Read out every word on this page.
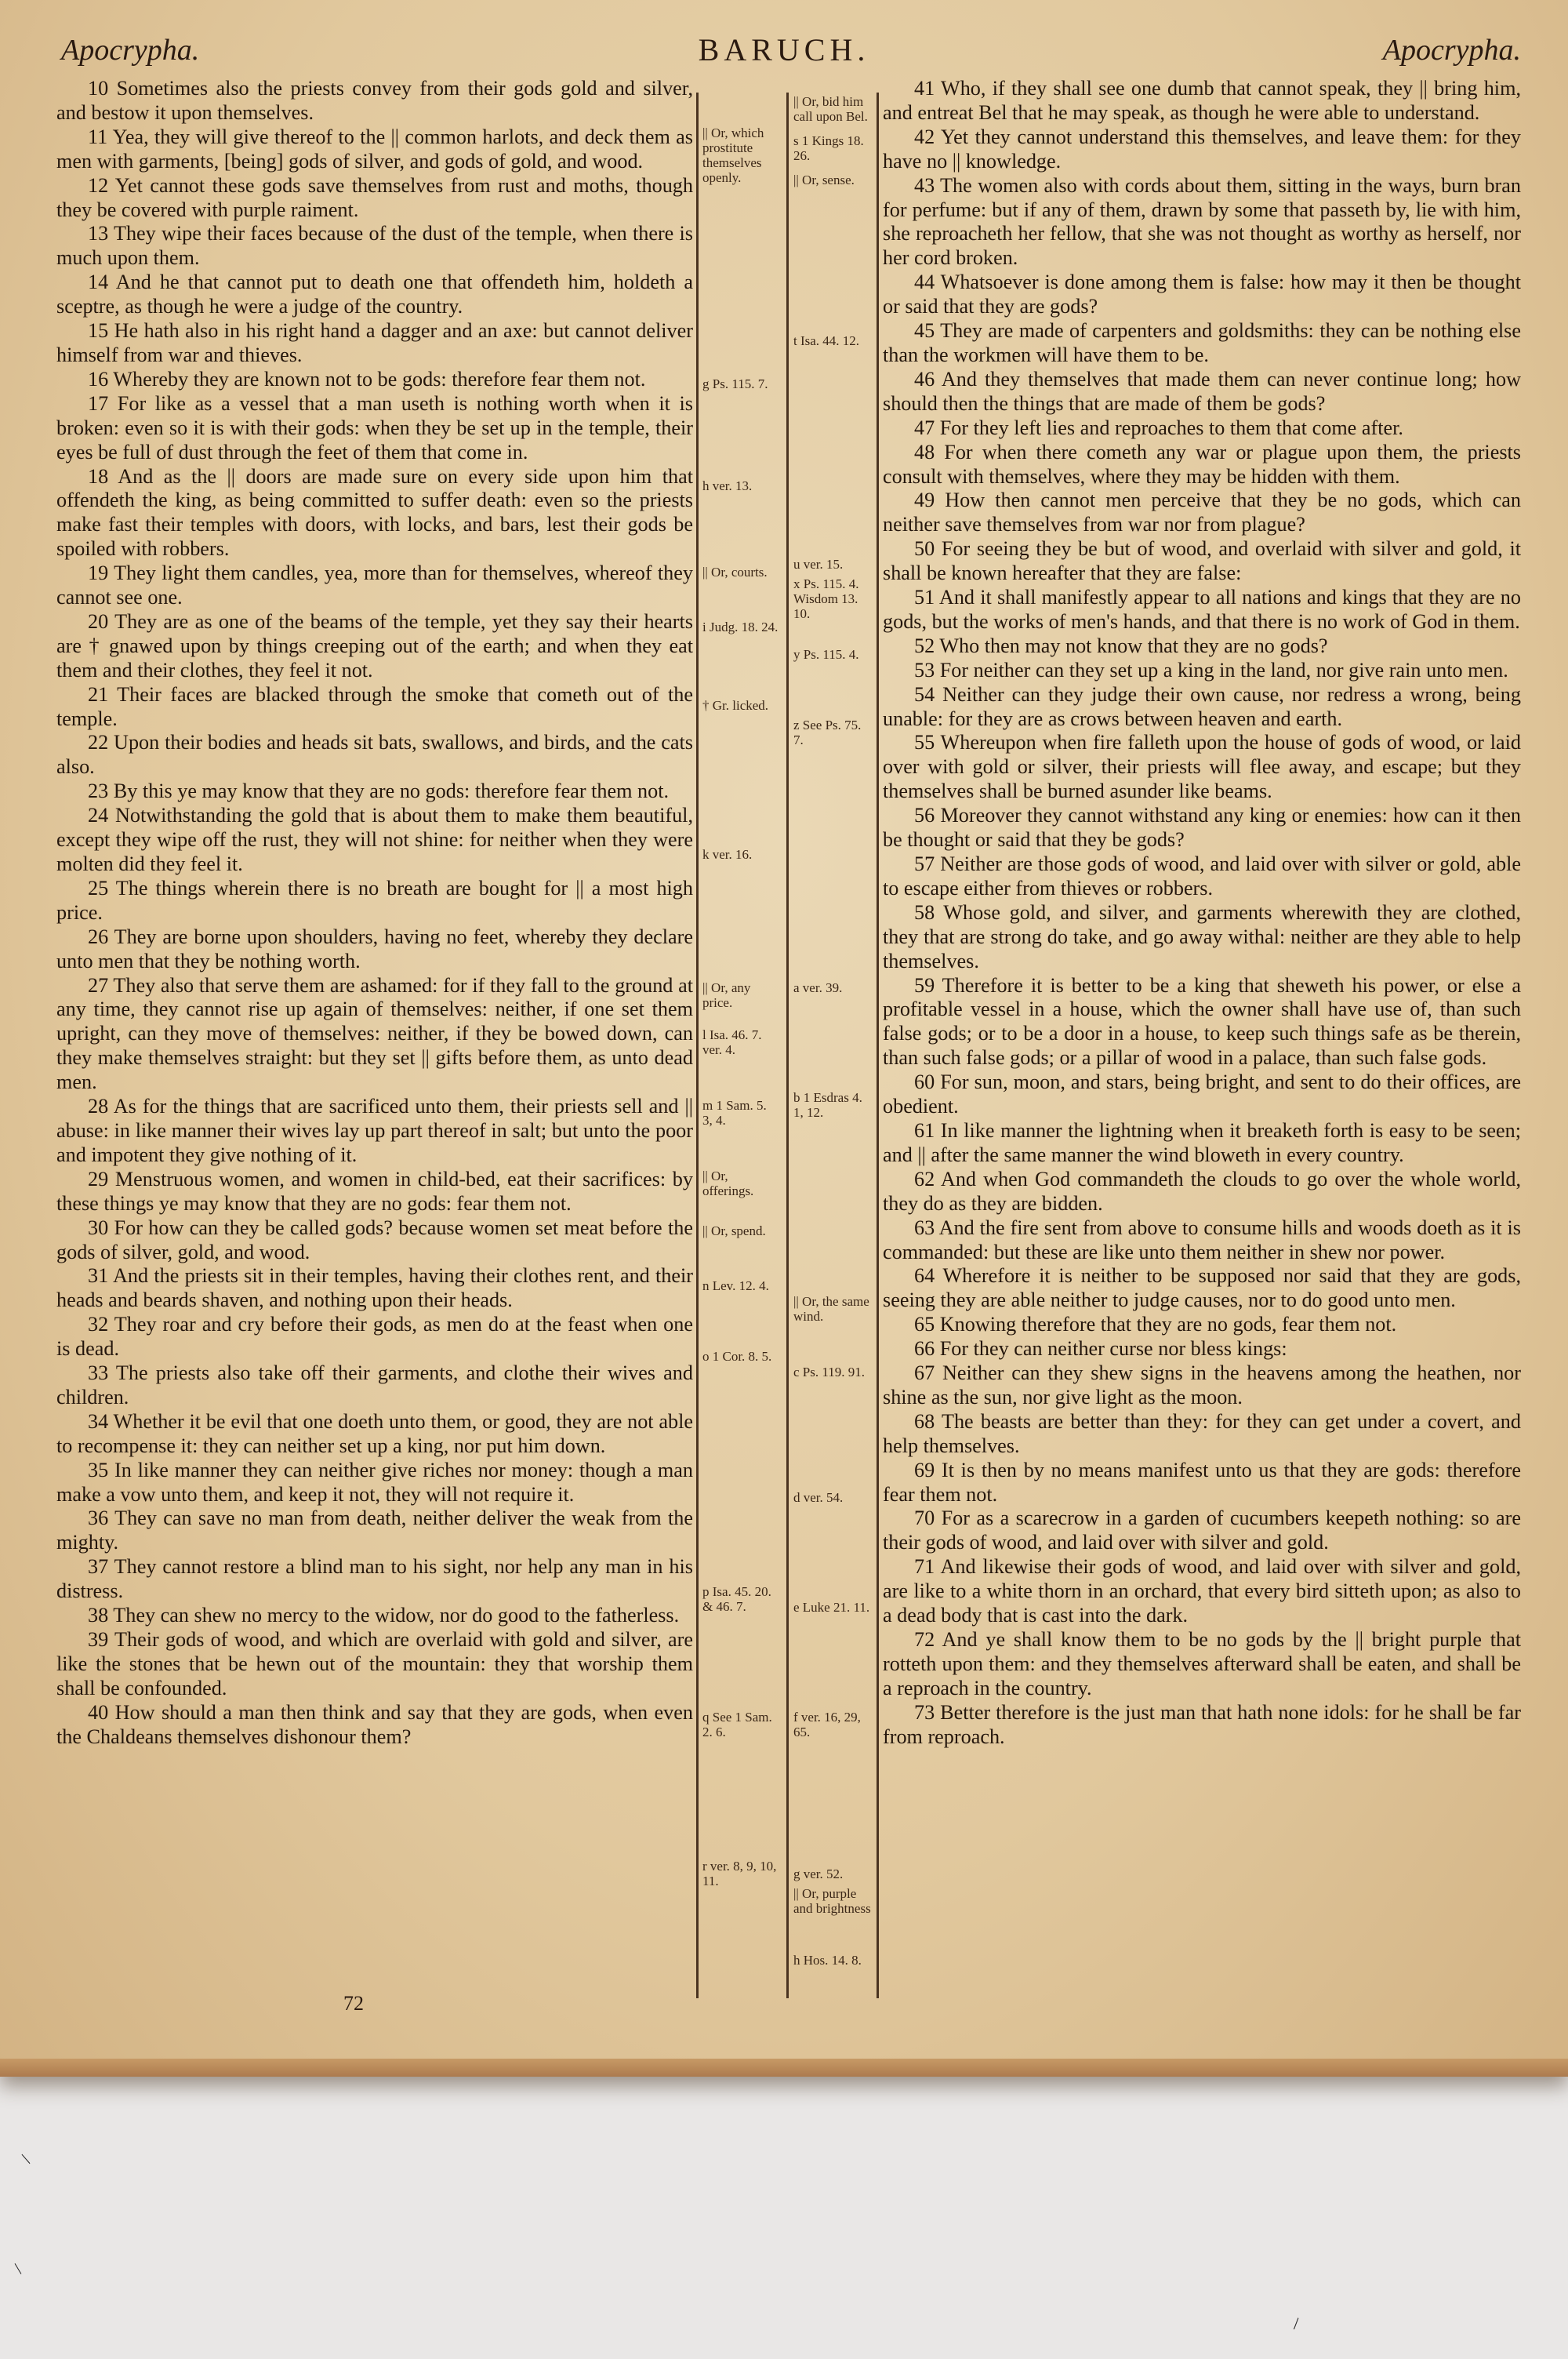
Apocrypha.	BARUCH.	Apocrypha.

10 Sometimes also the priests convey from their gods gold and silver, and bestow it upon themselves.

11 Yea, they will give thereof to the || common harlots, and deck them as men with garments, [being] gods of silver, and gods of gold, and wood.

12 Yet cannot these gods save themselves from rust and moths, though they be covered with purple raiment.

13 They wipe their faces because of the dust of the temple, when there is much upon them.

14 And he that cannot put to death one that offendeth him, holdeth a sceptre, as though he were a judge of the country.

15 He hath also in his right hand a dagger and an axe: but cannot deliver himself from war and thieves.

16 Whereby they are known not to be gods: therefore fear them not.

17 For like as a vessel that a man useth is nothing worth when it is broken: even so it is with their gods: when they be set up in the temple, their eyes be full of dust through the feet of them that come in.

18 And as the || doors are made sure on every side upon him that offendeth the king, as being committed to suffer death: even so the priests make fast their temples with doors, with locks, and bars, lest their gods be spoiled with robbers.

19 They light them candles, yea, more than for themselves, whereof they cannot see one.

20 They are as one of the beams of the temple, yet they say their hearts are † gnawed upon by things creeping out of the earth; and when they eat them and their clothes, they feel it not.

21 Their faces are blacked through the smoke that cometh out of the temple.

22 Upon their bodies and heads sit bats, swallows, and birds, and the cats also.

23 By this ye may know that they are no gods: therefore fear them not.

24 Notwithstanding the gold that is about them to make them beautiful, except they wipe off the rust, they will not shine: for neither when they were molten did they feel it.

25 The things wherein there is no breath are bought for || a most high price.

26 They are borne upon shoulders, having no feet, whereby they declare unto men that they be nothing worth.

27 They also that serve them are ashamed: for if they fall to the ground at any time, they cannot rise up again of themselves: neither, if one set them upright, can they move of themselves: neither, if they be bowed down, can they make themselves straight: but they set || gifts before them, as unto dead men.

28 As for the things that are sacrificed unto them, their priests sell and || abuse: in like manner their wives lay up part thereof in salt; but unto the poor and impotent they give nothing of it.

29 Menstruous women, and women in child-bed, eat their sacrifices: by these things ye may know that they are no gods: fear them not.

30 For how can they be called gods? because women set meat before the gods of silver, gold, and wood.

31 And the priests sit in their temples, having their clothes rent, and their heads and beards shaven, and nothing upon their heads.

32 They roar and cry before their gods, as men do at the feast when one is dead.

33 The priests also take off their garments, and clothe their wives and children.

34 Whether it be evil that one doeth unto them, or good, they are not able to recompense it: they can neither set up a king, nor put him down.

35 In like manner they can neither give riches nor money: though a man make a vow unto them, and keep it not, they will not require it.

36 They can save no man from death, neither deliver the weak from the mighty.

37 They cannot restore a blind man to his sight, nor help any man in his distress.

38 They can shew no mercy to the widow, nor do good to the fatherless.

39 Their gods of wood, and which are overlaid with gold and silver, are like the stones that be hewn out of the mountain: they that worship them shall be confounded.

40 How should a man then think and say that they are gods, when even the Chaldeans themselves dishonour them?

41 Who, if they shall see one dumb that cannot speak, they || bring him, and entreat Bel that he may speak, as though he were able to understand.

42 Yet they cannot understand this themselves, and leave them: for they have no || knowledge.

43 The women also with cords about them, sitting in the ways, burn bran for perfume: but if any of them, drawn by some that passeth by, lie with him, she reproacheth her fellow, that she was not thought as worthy as herself, nor her cord broken.

44 Whatsoever is done among them is false: how may it then be thought or said that they are gods?

45 They are made of carpenters and goldsmiths: they can be nothing else than the workmen will have them to be.

46 And they themselves that made them can never continue long; how should then the things that are made of them be gods?

47 For they left lies and reproaches to them that come after.

48 For when there cometh any war or plague upon them, the priests consult with themselves, where they may be hidden with them.

49 How then cannot men perceive that they be no gods, which can neither save themselves from war nor from plague?

50 For seeing they be but of wood, and overlaid with silver and gold, it shall be known hereafter that they are false:

51 And it shall manifestly appear to all nations and kings that they are no gods, but the works of men's hands, and that there is no work of God in them.

52 Who then may not know that they are no gods?

53 For neither can they set up a king in the land, nor give rain unto men.

54 Neither can they judge their own cause, nor redress a wrong, being unable: for they are as crows between heaven and earth.

55 Whereupon when fire falleth upon the house of gods of wood, or laid over with gold or silver, their priests will flee away, and escape; but they themselves shall be burned asunder like beams.

56 Moreover they cannot withstand any king or enemies: how can it then be thought or said that they be gods?

57 Neither are those gods of wood, and laid over with silver or gold, able to escape either from thieves or robbers.

58 Whose gold, and silver, and garments wherewith they are clothed, they that are strong do take, and go away withal: neither are they able to help themselves.

59 Therefore it is better to be a king that sheweth his power, or else a profitable vessel in a house, which the owner shall have use of, than such false gods; or to be a door in a house, to keep such things safe as be therein, than such false gods; or a pillar of wood in a palace, than such false gods.

60 For sun, moon, and stars, being bright, and sent to do their offices, are obedient.

61 In like manner the lightning when it breaketh forth is easy to be seen; and || after the same manner the wind bloweth in every country.

62 And when God commandeth the clouds to go over the whole world, they do as they are bidden.

63 And the fire sent from above to consume hills and woods doeth as it is commanded: but these are like unto them neither in shew nor power.

64 Wherefore it is neither to be supposed nor said that they are gods, seeing they are able neither to judge causes, nor to do good unto men.

65 Knowing therefore that they are no gods, fear them not.

66 For they can neither curse nor bless kings:

67 Neither can they shew signs in the heavens among the heathen, nor shine as the sun, nor give light as the moon.

68 The beasts are better than they: for they can get under a covert, and help themselves.

69 It is then by no means manifest unto us that they are gods: therefore fear them not.

70 For as a scarecrow in a garden of cucumbers keepeth nothing: so are their gods of wood, and laid over with silver and gold.

71 And likewise their gods of wood, and laid over with silver and gold, are like to a white thorn in an orchard, that every bird sitteth upon; as also to a dead body that is cast into the dark.

72 And ye shall know them to be no gods by the || bright purple that rotteth upon them: and they themselves afterward shall be eaten, and shall be a reproach in the country.

73 Better therefore is the just man that hath none idols: for he shall be far from reproach.

|| Or, which prostitute themselves openly.
g Ps. 115. 7.
h ver. 13.
|| Or, courts.
i Judg. 18. 24.
† Gr. licked.
k ver. 16.
|| Or, any price.
l Isa. 46. 7. ver. 4.
m 1 Sam. 5. 3, 4.
|| Or, offerings.
|| Or, spend.
n Lev. 12. 4.
o 1 Cor. 8. 5.
p Isa. 45. 20. & 46. 7.
q See 1 Sam. 2. 6.
r ver. 8, 9, 10, 11.
|| Or, bid him call upon Bel.
s 1 Kings 18. 26.
|| Or, sense.
t Isa. 44. 12.
u ver. 15.
x Ps. 115. 4. Wisdom 13. 10.
y Ps. 115. 4.
z See Ps. 75. 7.
a ver. 39.
b 1 Esdras 4. 1, 12.
|| Or, the same wind.
c Ps. 119. 91.
d ver. 54.
e Luke 21. 11.
f ver. 16, 29, 65.
g ver. 52.
|| Or, purple and brightness
h Hos. 14. 8.
72
/
/
\
